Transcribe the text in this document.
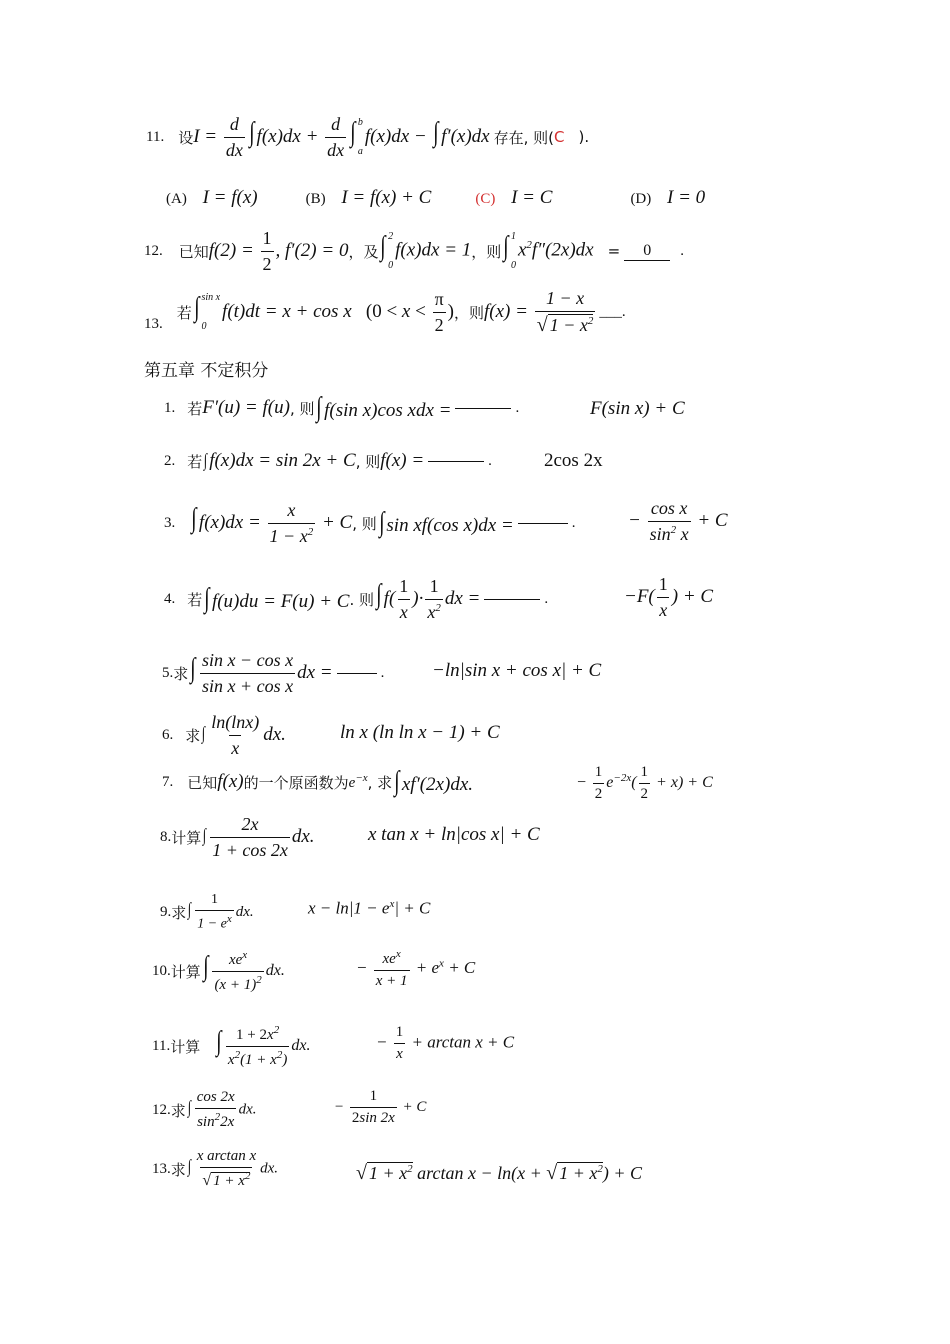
11. 设 $I = \frac{d}{dx}$ ∫ $f(x)dx + \frac{d}{dx}$ ∫ b
a
f(x)dx − ∫ f′(x)dx 存在, 则( C ).
(A) I = f(x)	(B) I = f(x) + C	(C) I = C	(D) I = 0
12. 已知 $f(2) = \frac{1}{2}$ , f′(2) = 0 ，及 ∫ 2
0
f(x)dx = 1 ，则 ∫ 1
0
$x^2f''(2x)dx$ =	0	.
13.
若 ∫ sin x
0
f(t)dt = x + cos x   ($0 < x < \frac{\pi}{2}$ ) ，则 $f(x) = \frac{1 - x}{√ 1 - x^2}$ ___.
第五章 不定积分
1. 若 F′(u) = f(u) , 则 ∫ f(sin x)cos xdx =	.	F(sin x) + C
2. 若 ∫f(x)dx = sin 2x + C , 则 f(x) =	.	2cos 2x
3. ∫ $f(x)dx = \frac{x}{1 - x^2} + C$ , 则 ∫ sin xf(cos x)dx =	.	− $\frac{\text{cos x}}{\sin^2 x} + C$
4. 若 ∫ f(u)du = F(u) + C . 则 ∫ $f( \frac{1}{x}$ )· $\frac{1}{x^2}$ dx =	.	$-F( \frac{1}{x}$ ) + C
5. 求 ∫ $\frac{\text{sin x − cos x}}{\text{sin x + cos x}}$ dx =	.	−ln|sin x + cos x| + C
6. 求 ∫ $\frac{\ln(\ln x)}{x}$ dx.	ln x (ln ln x − 1) + C
7. 已知 f(x) 的一个原函数为 $e^{-x}$ , 求 ∫ xf′(2x)dx.	− $\frac{1}{2} e^{-2x}( \frac{1}{2} + x) + C$
8. 计算 ∫ $\frac{2x}{1 + \cos 2x}$ dx.	x tan x + ln|cos x| + C
9. 求 ∫ $\frac{1}{1 - e^x}$ dx.	$x - \ln|1 - e^x| + C$
10. 计算 ∫ $\frac{xe^x}{(x + 1)^2}$ dx.	− $\frac{xe^x}{x + 1} + e^x + C$
11. 计算 ∫ $\frac{1 + 2x^2}{x^2(1 + x^2)}$ dx.	− $\frac{1}{x} + \arctan x + C$
12. 求 ∫ $\frac{\cos 2x}{\sin^22x}$ dx.	− $\frac{1}{2\sin 2x} + C$
13. 求 ∫ $\frac{\text{x arctan x}}{√ 1 + x^2}$ dx.	√ $1 + x^2$ arctan x − ln(x + √ $1 + x^2) + C$
